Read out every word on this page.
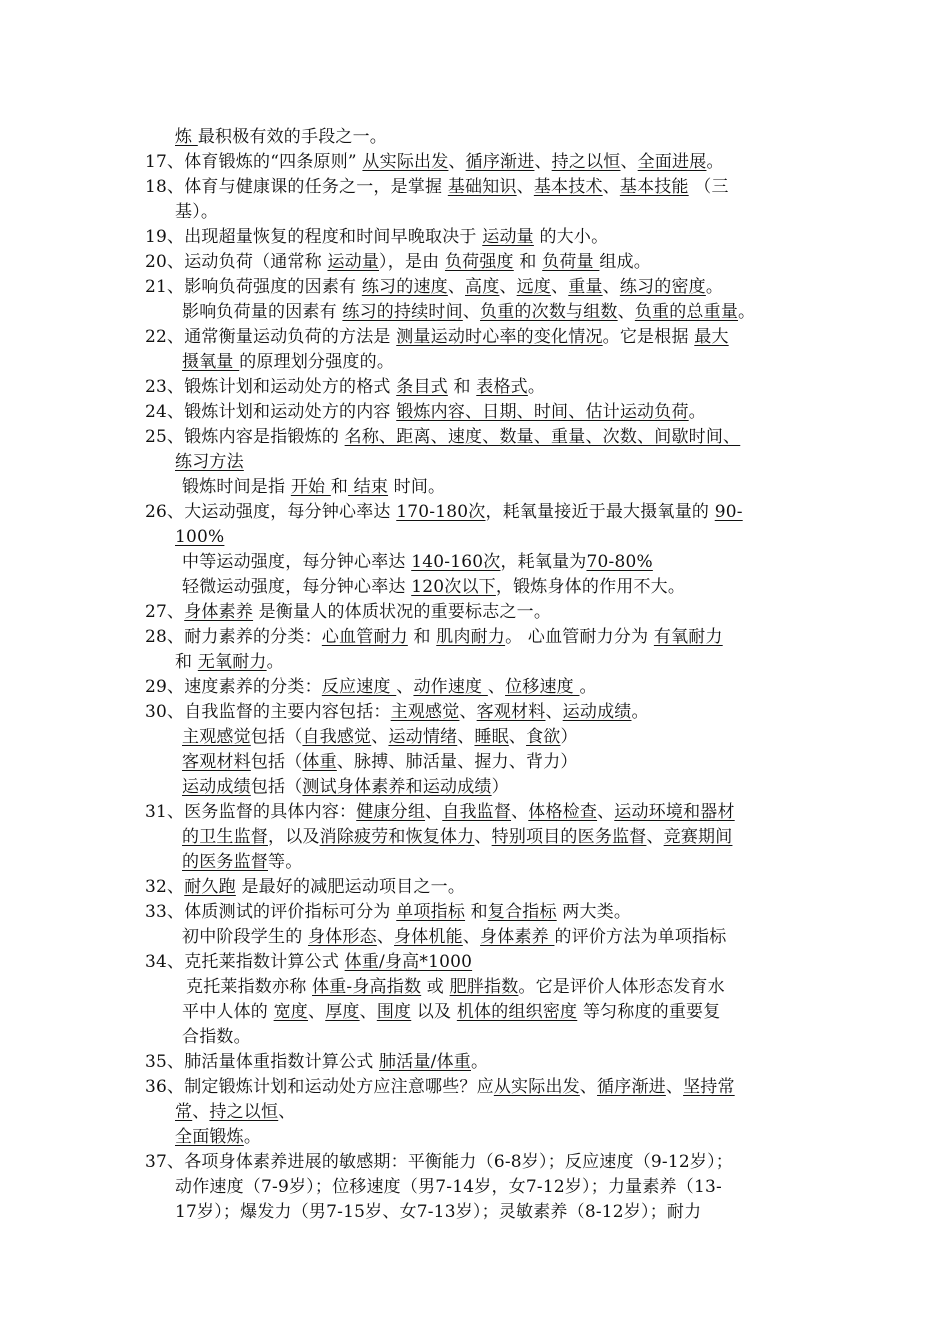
炼 最积极有效的手段之一。
17、体育锻炼的“四条原则” 从实际出发、循序渐进、持之以恒、全面进展。
18、体育与健康课的任务之一，是掌握 基础知识、基本技术、基本技能 （三
基）。
19、出现超量恢复的程度和时间早晚取决于 运动量 的大小。
20、运动负荷（通常称 运动量），是由 负荷强度 和 负荷量 组成。
21、影响负荷强度的因素有 练习的速度、高度、远度、重量、练习的密度。
影响负荷量的因素有 练习的持续时间、负重的次数与组数、负重的总重量。
22、通常衡量运动负荷的方法是 测量运动时心率的变化情况。它是根据 最大
摄氧量 的原理划分强度的。
23、锻炼计划和运动处方的格式 条目式 和 表格式。
24、锻炼计划和运动处方的内容 锻炼内容、日期、时间、估计运动负荷。
25、锻炼内容是指锻炼的 名称、距离、速度、数量、重量、次数、间歇时间、
练习方法
锻炼时间是指 开始 和 结束 时间。
26、大运动强度，每分钟心率达 170-180次，耗氧量接近于最大摄氧量的 90-
100%
中等运动强度，每分钟心率达 140-160次，耗氧量为70-80%
轻微运动强度，每分钟心率达 120次以下，锻炼身体的作用不大。
27、身体素养 是衡量人的体质状况的重要标志之一。
28、耐力素养的分类：心血管耐力 和 肌肉耐力。 心血管耐力分为 有氧耐力
和 无氧耐力。
29、速度素养的分类：反应速度 、动作速度 、位移速度 。
30、自我监督的主要内容包括：主观感觉、客观材料、运动成绩。
主观感觉包括（自我感觉、运动情绪、睡眠、食欲）
客观材料包括（体重、脉搏、肺活量、握力、背力）
运动成绩包括（测试身体素养和运动成绩）
31、医务监督的具体内容：健康分组、自我监督、体格检查、运动环境和器材
的卫生监督，以及消除疲劳和恢复体力、特别项目的医务监督、竞赛期间
的医务监督等。
32、耐久跑 是最好的减肥运动项目之一。
33、体质测试的评价指标可分为 单项指标 和复合指标 两大类。
初中阶段学生的 身体形态、身体机能、身体素养 的评价方法为单项指标
34、克托莱指数计算公式 体重/身高*1000
克托莱指数亦称 体重-身高指数 或 肥胖指数。它是评价人体形态发育水
平中人体的 宽度、厚度、围度 以及 机体的组织密度 等匀称度的重要复
合指数。
35、肺活量体重指数计算公式 肺活量/体重。
36、制定锻炼计划和运动处方应注意哪些？应从实际出发、循序渐进、坚持常
常、持之以恒、
全面锻炼。
37、各项身体素养进展的敏感期：平衡能力（6-8岁）；反应速度（9-12岁）；
动作速度（7-9岁）；位移速度（男7-14岁，女7-12岁）；力量素养（13-
17岁）；爆发力（男7-15岁、女7-13岁）；灵敏素养（8-12岁）；耐力
